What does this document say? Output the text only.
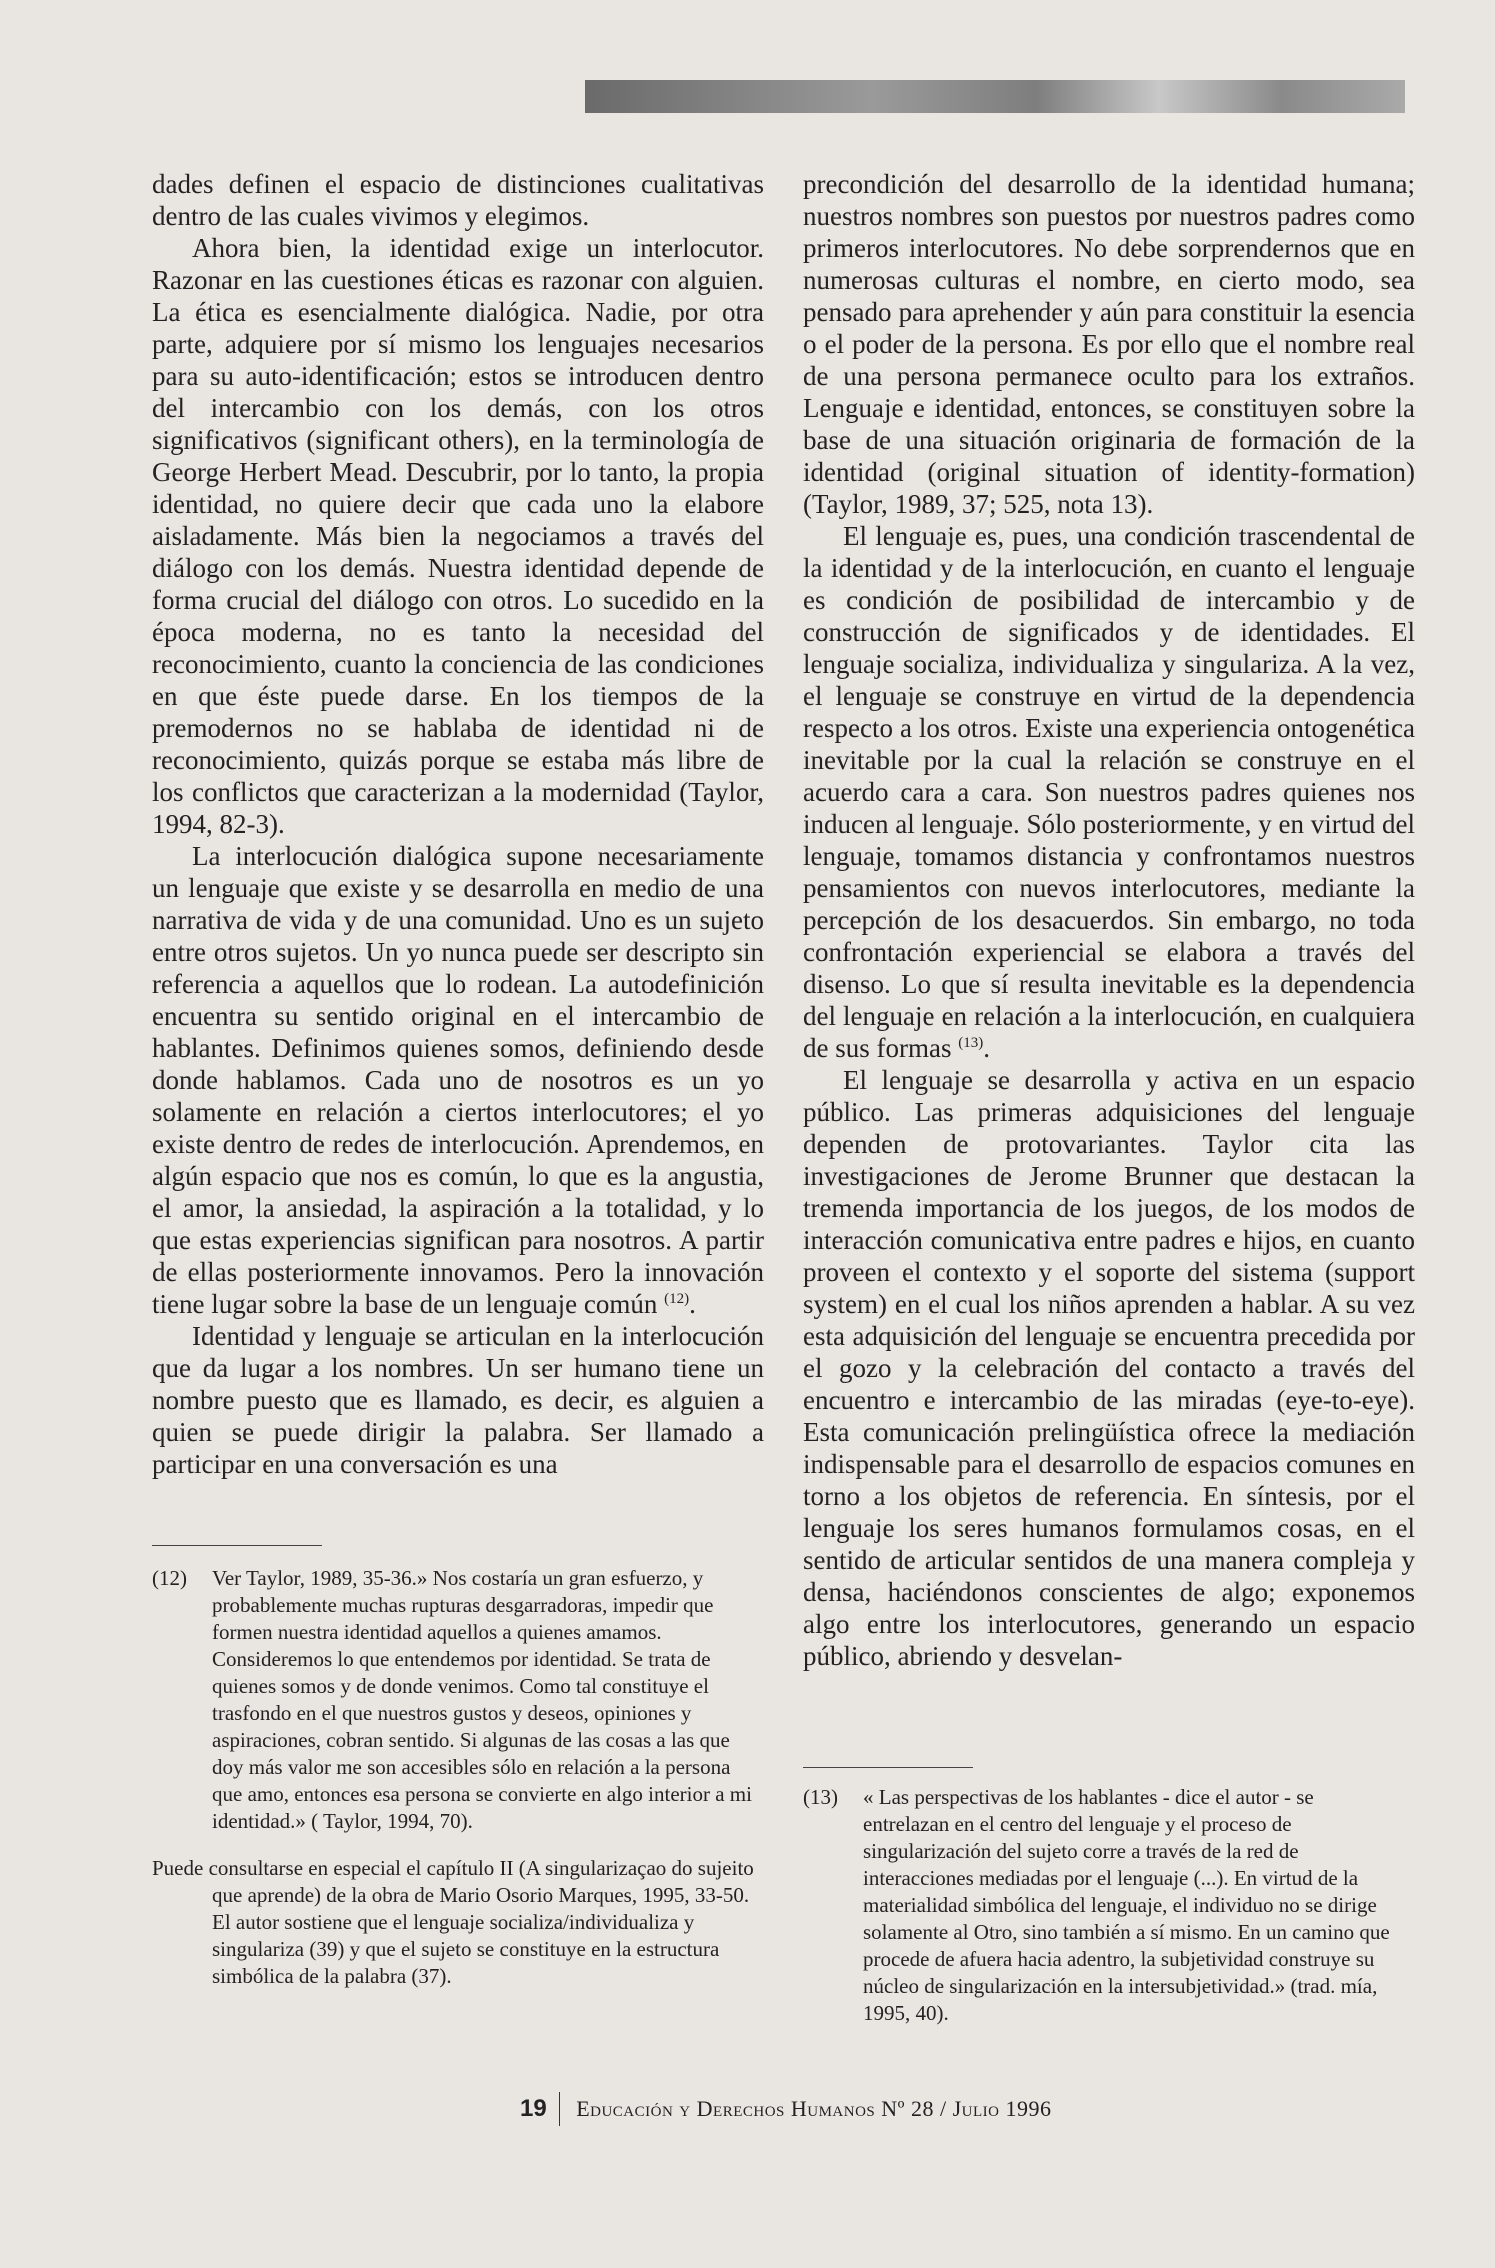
dades definen el espacio de distinciones cualitativas dentro de las cuales vivimos y elegimos.

Ahora bien, la identidad exige un interlocutor. Razonar en las cuestiones éticas es razonar con alguien. La ética es esencialmente dialógica. Nadie, por otra parte, adquiere por sí mismo los lenguajes necesarios para su auto-identificación; estos se introducen dentro del intercambio con los demás, con los otros significativos (significant others), en la terminología de George Herbert Mead. Descubrir, por lo tanto, la propia identidad, no quiere decir que cada uno la elabore aisladamente. Más bien la negociamos a través del diálogo con los demás. Nuestra identidad depende de forma crucial del diálogo con otros. Lo sucedido en la época moderna, no es tanto la necesidad del reconocimiento, cuanto la conciencia de las condiciones en que éste puede darse. En los tiempos de la premodernos no se hablaba de identidad ni de reconocimiento, quizás porque se estaba más libre de los conflictos que caracterizan a la modernidad (Taylor, 1994, 82-3).

La interlocución dialógica supone necesariamente un lenguaje que existe y se desarrolla en medio de una narrativa de vida y de una comunidad. Uno es un sujeto entre otros sujetos. Un yo nunca puede ser descripto sin referencia a aquellos que lo rodean. La autodefinición encuentra su sentido original en el intercambio de hablantes. Definimos quienes somos, definiendo desde donde hablamos. Cada uno de nosotros es un yo solamente en relación a ciertos interlocutores; el yo existe dentro de redes de interlocución. Aprendemos, en algún espacio que nos es común, lo que es la angustia, el amor, la ansiedad, la aspiración a la totalidad, y lo que estas experiencias significan para nosotros. A partir de ellas posteriormente innovamos. Pero la innovación tiene lugar sobre la base de un lenguaje común $^{(12)}$.

Identidad y lenguaje se articulan en la interlocución que da lugar a los nombres. Un ser humano tiene un nombre puesto que es llamado, es decir, es alguien a quien se puede dirigir la palabra. Ser llamado a participar en una conversación es una

precondición del desarrollo de la identidad humana; nuestros nombres son puestos por nuestros padres como primeros interlocutores. No debe sorprendernos que en numerosas culturas el nombre, en cierto modo, sea pensado para aprehender y aún para constituir la esencia o el poder de la persona. Es por ello que el nombre real de una persona permanece oculto para los extraños. Lenguaje e identidad, entonces, se constituyen sobre la base de una situación originaria de formación de la identidad (original situation of identity-formation) (Taylor, 1989, 37; 525, nota 13).

El lenguaje es, pues, una condición trascendental de la identidad y de la interlocución, en cuanto el lenguaje es condición de posibilidad de intercambio y de construcción de significados y de identidades. El lenguaje socializa, individualiza y singulariza. A la vez, el lenguaje se construye en virtud de la dependencia respecto a los otros. Existe una experiencia ontogenética inevitable por la cual la relación se construye en el acuerdo cara a cara. Son nuestros padres quienes nos inducen al lenguaje. Sólo posteriormente, y en virtud del lenguaje, tomamos distancia y confrontamos nuestros pensamientos con nuevos interlocutores, mediante la percepción de los desacuerdos. Sin embargo, no toda confrontación experiencial se elabora a través del disenso. Lo que sí resulta inevitable es la dependencia del lenguaje en relación a la interlocución, en cualquiera de sus formas $^{(13)}$.

El lenguaje se desarrolla y activa en un espacio público. Las primeras adquisiciones del lenguaje dependen de protovariantes. Taylor cita las investigaciones de Jerome Brunner que destacan la tremenda importancia de los juegos, de los modos de interacción comunicativa entre padres e hijos, en cuanto proveen el contexto y el soporte del sistema (support system) en el cual los niños aprenden a hablar. A su vez esta adquisición del lenguaje se encuentra precedida por el gozo y la celebración del contacto a través del encuentro e intercambio de las miradas (eye-to-eye). Esta comunicación prelingüística ofrece la mediación indispensable para el desarrollo de espacios comunes en torno a los objetos de referencia. En síntesis, por el lenguaje los seres humanos formulamos cosas, en el sentido de articular sentidos de una manera compleja y densa, haciéndonos conscientes de algo; exponemos algo entre los interlocutores, generando un espacio público, abriendo y desvelan-

(12)	Ver Taylor, 1989, 35-36.» Nos costaría un gran esfuerzo, y probablemente muchas rupturas desgarradoras, impedir que formen nuestra identidad aquellos a quienes amamos. Consideremos lo que entendemos por identidad. Se trata de quienes somos y de donde venimos. Como tal constituye el trasfondo en el que nuestros gustos y deseos, opiniones y aspiraciones, cobran sentido. Si algunas de las cosas a las que doy más valor me son accesibles sólo en relación a la persona que amo, entonces esa persona se convierte en algo interior a mi identidad.» ( Taylor, 1994, 70).
Puede consultarse en especial el capítulo II (A singularizaçao do sujeito que aprende) de la obra de Mario Osorio Marques, 1995, 33-50. El autor sostiene que el lenguaje socializa/individualiza y singulariza (39) y que el sujeto se constituye en la estructura simbólica de la palabra (37).
(13)	« Las perspectivas de los hablantes - dice el autor - se entrelazan en el centro del lenguaje y el proceso de singularización del sujeto corre a través de la red de interacciones mediadas por el lenguaje (...). En virtud de la materialidad simbólica del lenguaje, el individuo no se dirige solamente al Otro, sino también a sí mismo. En un camino que procede de afuera hacia adentro, la subjetividad construye su núcleo de singularización en la intersubjetividad.» (trad. mía, 1995, 40).
19 Educación y Derechos Humanos Nº 28 / Julio 1996
